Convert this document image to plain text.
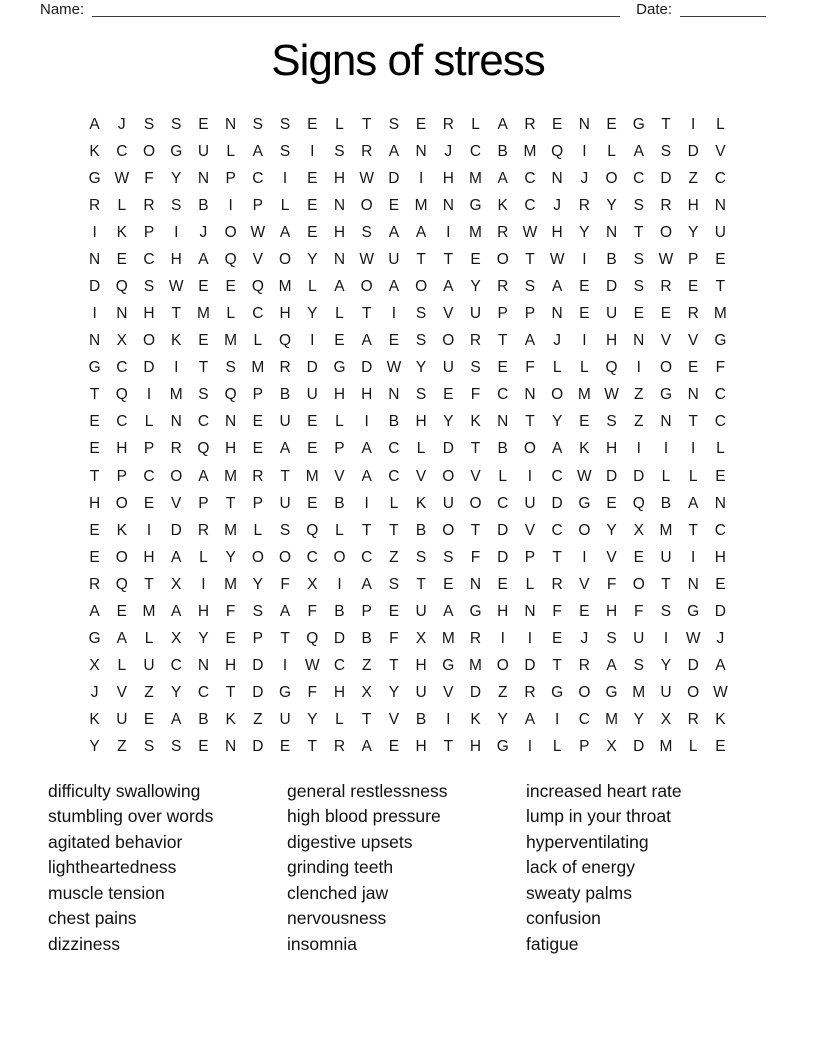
Name:	Date:
Signs of stress
A	J	S	S	E	N	S	S	E	L	T	S	E	R	L	A	R	E	N	E	G	T	I	L
K	C	O G	U	L	A	S	I	S	R	A	N	J	C	B	M Q	I	L	A	S	D	V
G W F	Y	N	P	C	I	E	H W D	I	H M	A	C	N	J	O	C	D	Z	C
R	L	R	S	B	I	P	L	E	N	O	E	M N	G	K	C	J	R	Y	S	R	H	N
I	K	P	I	J	O W A	E	H	S	A	A	I	M R W H	Y	N	T	O	Y	U
N	E	C	H	A	Q	V	O	Y	N W U	T	T	E	O	T W	I	B	S W P	E
D	Q	S W E	E	Q M	L	A	O	A	O	A	Y	R	S	A	E	D	S	R	E	T
I	N	H	T	M	L	C	H	Y	L	T	I	S	V	U	P	P	N	E	U	E	E	R M
N	X	O	K	E	M	L	Q	I	E	A	E	S	O	R	T	A	J	I	H	N	V	V	G
G	C	D	I	T	S	M R	D	G	D W Y	U	S	E	F	L	L	Q	I	O	E	F
T	Q	I	M	S	Q	P	B	U	H	H	N	S	E	F	C	N	O M W Z	G	N	C
E	C	L	N	C	N	E	U	E	L	I	B	H	Y	K	N	T	Y	E	S	Z	N	T	C
E	H	P	R	Q	H	E	A	E	P	A	C	L	D	T	B	O	A	K	H	I	I	I	L
T	P	C	O	A	M R	T	M	V	A	C	V	O	V	L	I	C W D	D	L	L	E
H	O	E	V	P	T	P	U	E	B	I	L	K	U	O	C	U	D	G	E	Q	B	A	N
E	K	I	D	R M	L	S	Q	L	T	T	B	O	T	D	V	C	O	Y	X	M	T	C
E	O	H	A	L	Y	O O	C	O	C	Z	S	S	F	D	P	T	I	V	E	U	I	H
R	Q	T	X	I	M	Y	F	X	I	A	S	T	E	N	E	L	R	V	F	O	T	N	E
A	E	M	A	H	F	S	A	F	B	P	E	U	A	G	H	N	F	E	H	F	S	G	D
G	A	L	X	Y	E	P	T	Q	D	B	F	X	M R	I	I	E	J	S	U	I	W	J
X	L	U	C	N	H	D	I	W C	Z	T	H	G M O	D	T	R	A	S	Y	D	A
J	V	Z	Y	C	T	D	G	F	H	X	Y	U	V	D	Z	R	G O G M U	O W
K	U	E	A	B	K	Z	U	Y	L	T	V	B	I	K	Y	A	I	C M	Y	X	R	K
Y	Z	S	S	E	N	D	E	T	R	A	E	H	T	H	G	I	L	P	X	D M	L	E
difficulty swallowing
stumbling over words
agitated behavior
lightheartedness
muscle tension
chest pains
dizziness
general restlessness
high blood pressure
digestive upsets
grinding teeth
clenched jaw
nervousness
insomnia
increased heart rate
lump in your throat
hyperventilating
lack of energy
sweaty palms
confusion
fatigue
